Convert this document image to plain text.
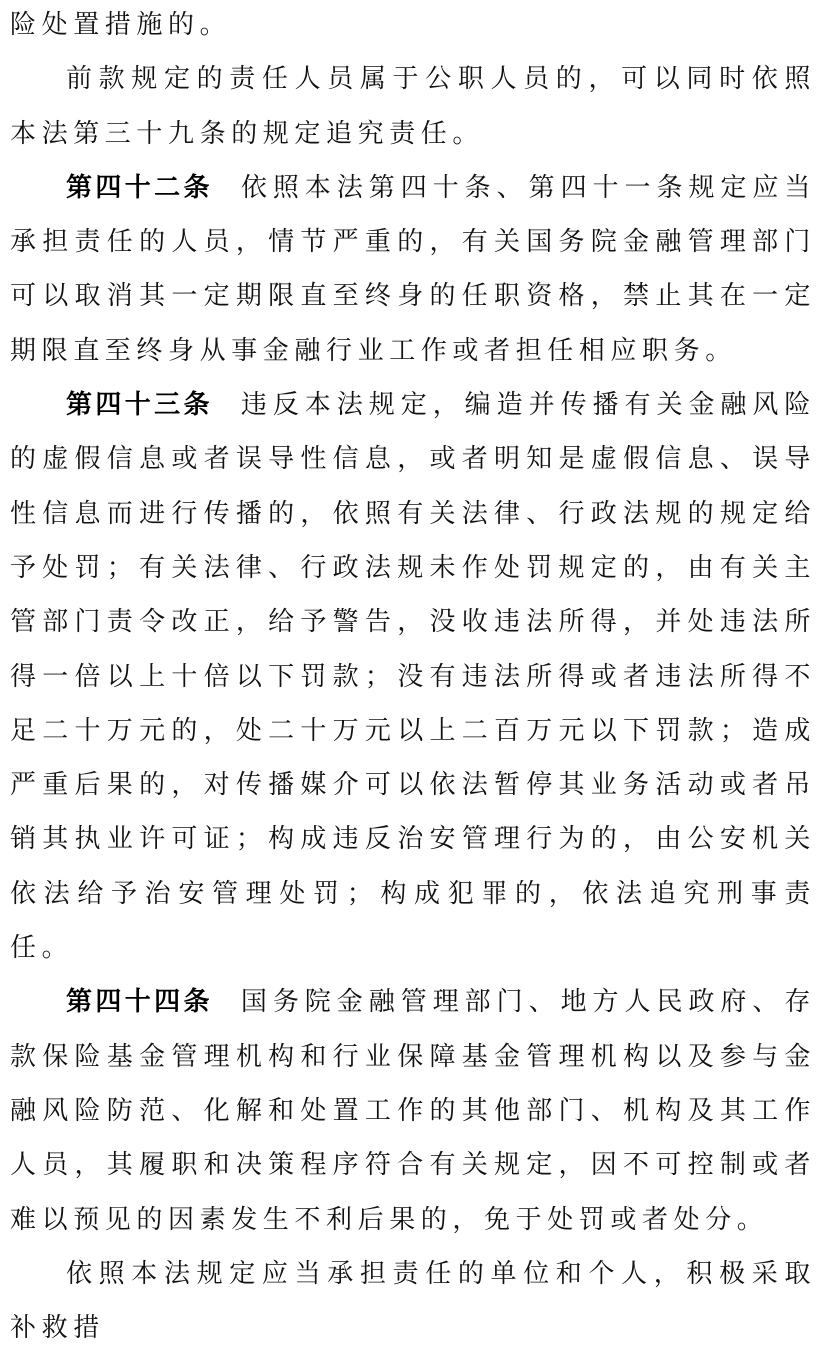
险处置措施的。

前款规定的责任人员属于公职人员的，可以同时依照本法第三十九条的规定追究责任。

第四十二条 依照本法第四十条、第四十一条规定应当承担责任的人员，情节严重的，有关国务院金融管理部门可以取消其一定期限直至终身的任职资格，禁止其在一定期限直至终身从事金融行业工作或者担任相应职务。

第四十三条 违反本法规定，编造并传播有关金融风险的虚假信息或者误导性信息，或者明知是虚假信息、误导性信息而进行传播的，依照有关法律、行政法规的规定给予处罚；有关法律、行政法规未作处罚规定的，由有关主管部门责令改正，给予警告，没收违法所得，并处违法所得一倍以上十倍以下罚款；没有违法所得或者违法所得不足二十万元的，处二十万元以上二百万元以下罚款；造成严重后果的，对传播媒介可以依法暂停其业务活动或者吊销其执业许可证；构成违反治安管理行为的，由公安机关依法给予治安管理处罚；构成犯罪的，依法追究刑事责任。

第四十四条 国务院金融管理部门、地方人民政府、存款保险基金管理机构和行业保障基金管理机构以及参与金融风险防范、化解和处置工作的其他部门、机构及其工作人员，其履职和决策程序符合有关规定，因不可控制或者难以预见的因素发生不利后果的，免于处罚或者处分。

依照本法规定应当承担责任的单位和个人，积极采取补救措
